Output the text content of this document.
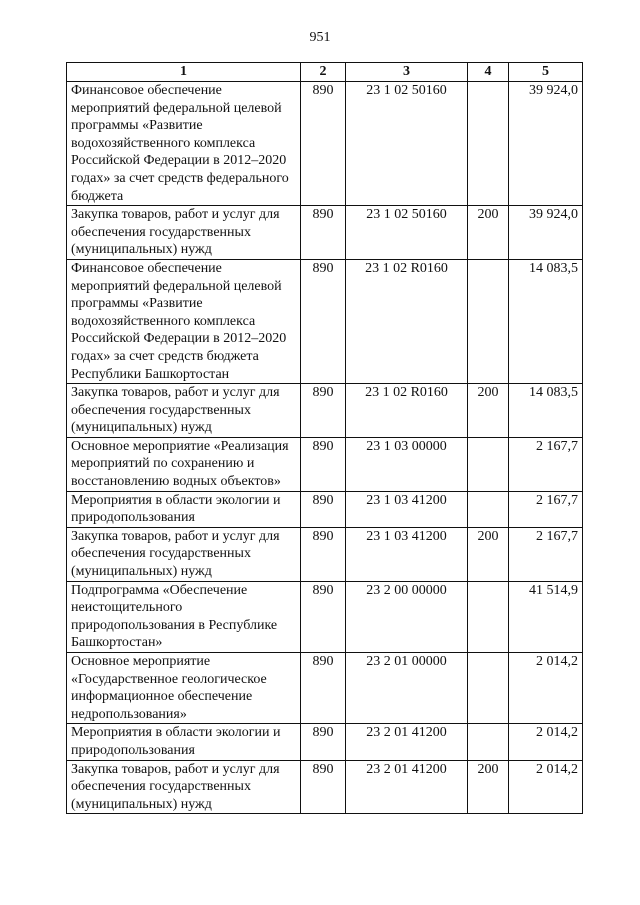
951
1	2	3	4	5
Финансовое обеспечение мероприятий федеральной целевой программы «Развитие водохозяйственного комплекса Российской Федерации в 2012–2020 годах» за счет средств федерального бюджета	890	23 1 02 50160		39 924,0
Закупка товаров, работ и услуг для обеспечения государственных (муниципальных) нужд	890	23 1 02 50160	200	39 924,0
Финансовое обеспечение мероприятий федеральной целевой программы «Развитие водохозяйственного комплекса Российской Федерации в 2012–2020 годах» за счет средств бюджета Республики Башкортостан	890	23 1 02 R0160		14 083,5
Закупка товаров, работ и услуг для обеспечения государственных (муниципальных) нужд	890	23 1 02 R0160	200	14 083,5
Основное мероприятие «Реализация мероприятий по сохранению и восстановлению водных объектов»	890	23 1 03 00000		2 167,7
Мероприятия в области экологии и природопользования	890	23 1 03 41200		2 167,7
Закупка товаров, работ и услуг для обеспечения государственных (муниципальных) нужд	890	23 1 03 41200	200	2 167,7
Подпрограмма «Обеспечение неистощительного природопользования в Республике Башкортостан»	890	23 2 00 00000		41 514,9
Основное мероприятие «Государственное геологическое информационное обеспечение недропользования»	890	23 2 01 00000		2 014,2
Мероприятия в области экологии и природопользования	890	23 2 01 41200		2 014,2
Закупка товаров, работ и услуг для обеспечения государственных (муниципальных) нужд	890	23 2 01 41200	200	2 014,2
